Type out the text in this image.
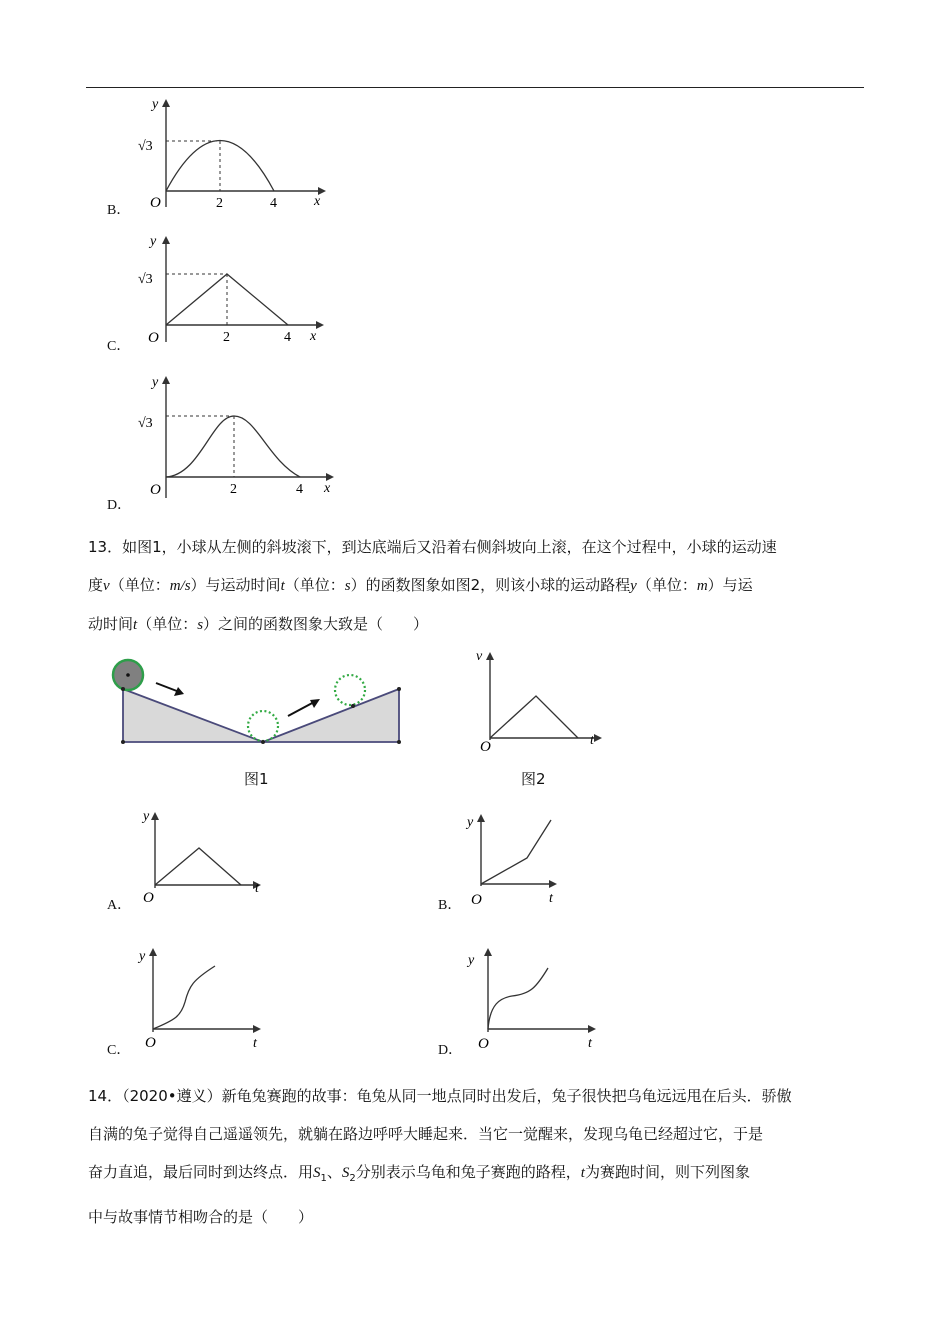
B．
y
x
O
√3
2	4
C．
y
x
O
√3
2	4
D．
y
x
O
√3
2	4
13．如图1，小球从左侧的斜坡滚下，到达底端后又沿着右侧斜坡向上滚，在这个过程中，小球的运动速
度v（单位：m/s）与运动时间t（单位：s）的函数图象如图2，则该小球的运动路程y（单位：m）与运
动时间t（单位：s）之间的函数图象大致是（　　）
图1
v
t
O
图2
A．
y
t
O	B．
y
t
O
C．
y
t
O	D．
y
t
O
14．（2020•遵义）新龟兔赛跑的故事：龟兔从同一地点同时出发后，兔子很快把乌龟远远甩在后头．骄傲
自满的兔子觉得自己遥遥领先，就躺在路边呼呼大睡起来．当它一觉醒来，发现乌龟已经超过它，于是
奋力直追，最后同时到达终点．用$S_1$、$S_2$分别表示乌龟和兔子赛跑的路程，t为赛跑时间，则下列图象
中与故事情节相吻合的是（　　）
